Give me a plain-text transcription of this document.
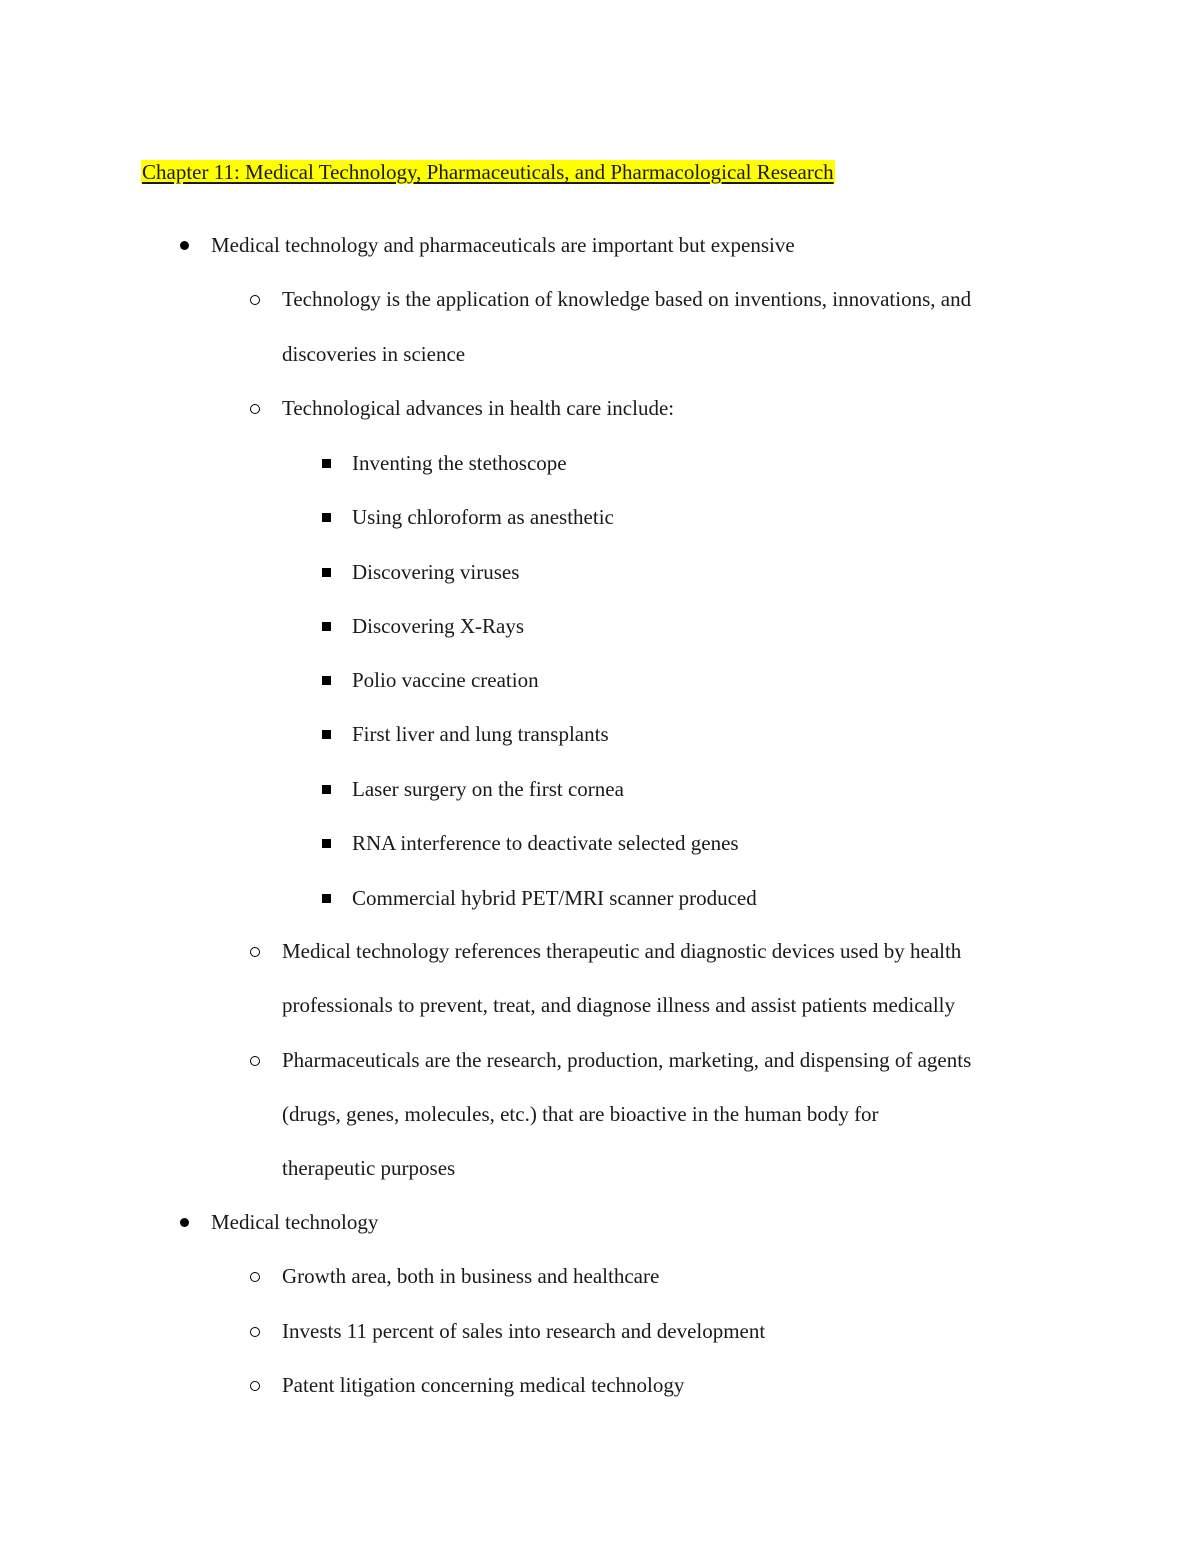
Chapter 11: Medical Technology, Pharmaceuticals, and Pharmacological Research
Medical technology and pharmaceuticals are important but expensive
Technology is the application of knowledge based on inventions, innovations, and
discoveries in science
Technological advances in health care include:
Inventing the stethoscope
Using chloroform as anesthetic
Discovering viruses
Discovering X-Rays
Polio vaccine creation
First liver and lung transplants
Laser surgery on the first cornea
RNA interference to deactivate selected genes
Commercial hybrid PET/MRI scanner produced
Medical technology references therapeutic and diagnostic devices used by health
professionals to prevent, treat, and diagnose illness and assist patients medically
Pharmaceuticals are the research, production, marketing, and dispensing of agents
(drugs, genes, molecules, etc.) that are bioactive in the human body for
therapeutic purposes
Medical technology
Growth area, both in business and healthcare
Invests 11 percent of sales into research and development
Patent litigation concerning medical technology
